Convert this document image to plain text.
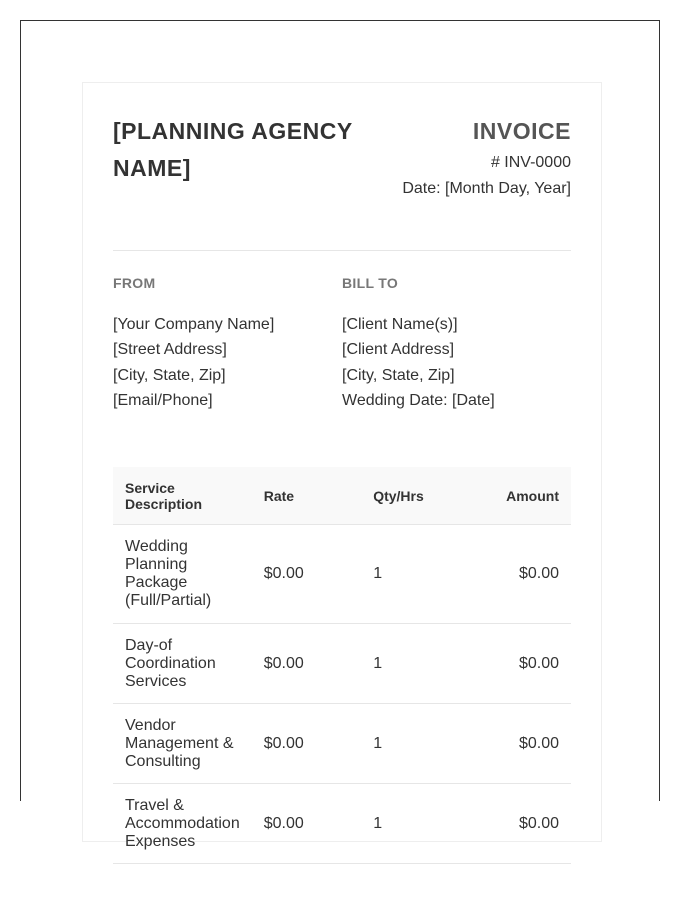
[PLANNING AGENCY NAME]
INVOICE
# INV-0000
Date: [Month Day, Year]
FROM
[Your Company Name]
[Street Address]
[City, State, Zip]
[Email/Phone]
BILL TO
[Client Name(s)]
[Client Address]
[City, State, Zip]
Wedding Date: [Date]
Service Description	Rate	Qty/Hrs	Amount
Wedding Planning Package (Full/Partial)	$0.00	1	$0.00
Day-of Coordination Services	$0.00	1	$0.00
Vendor Management & Consulting	$0.00	1	$0.00
Travel & Accommodation Expenses	$0.00	1	$0.00
